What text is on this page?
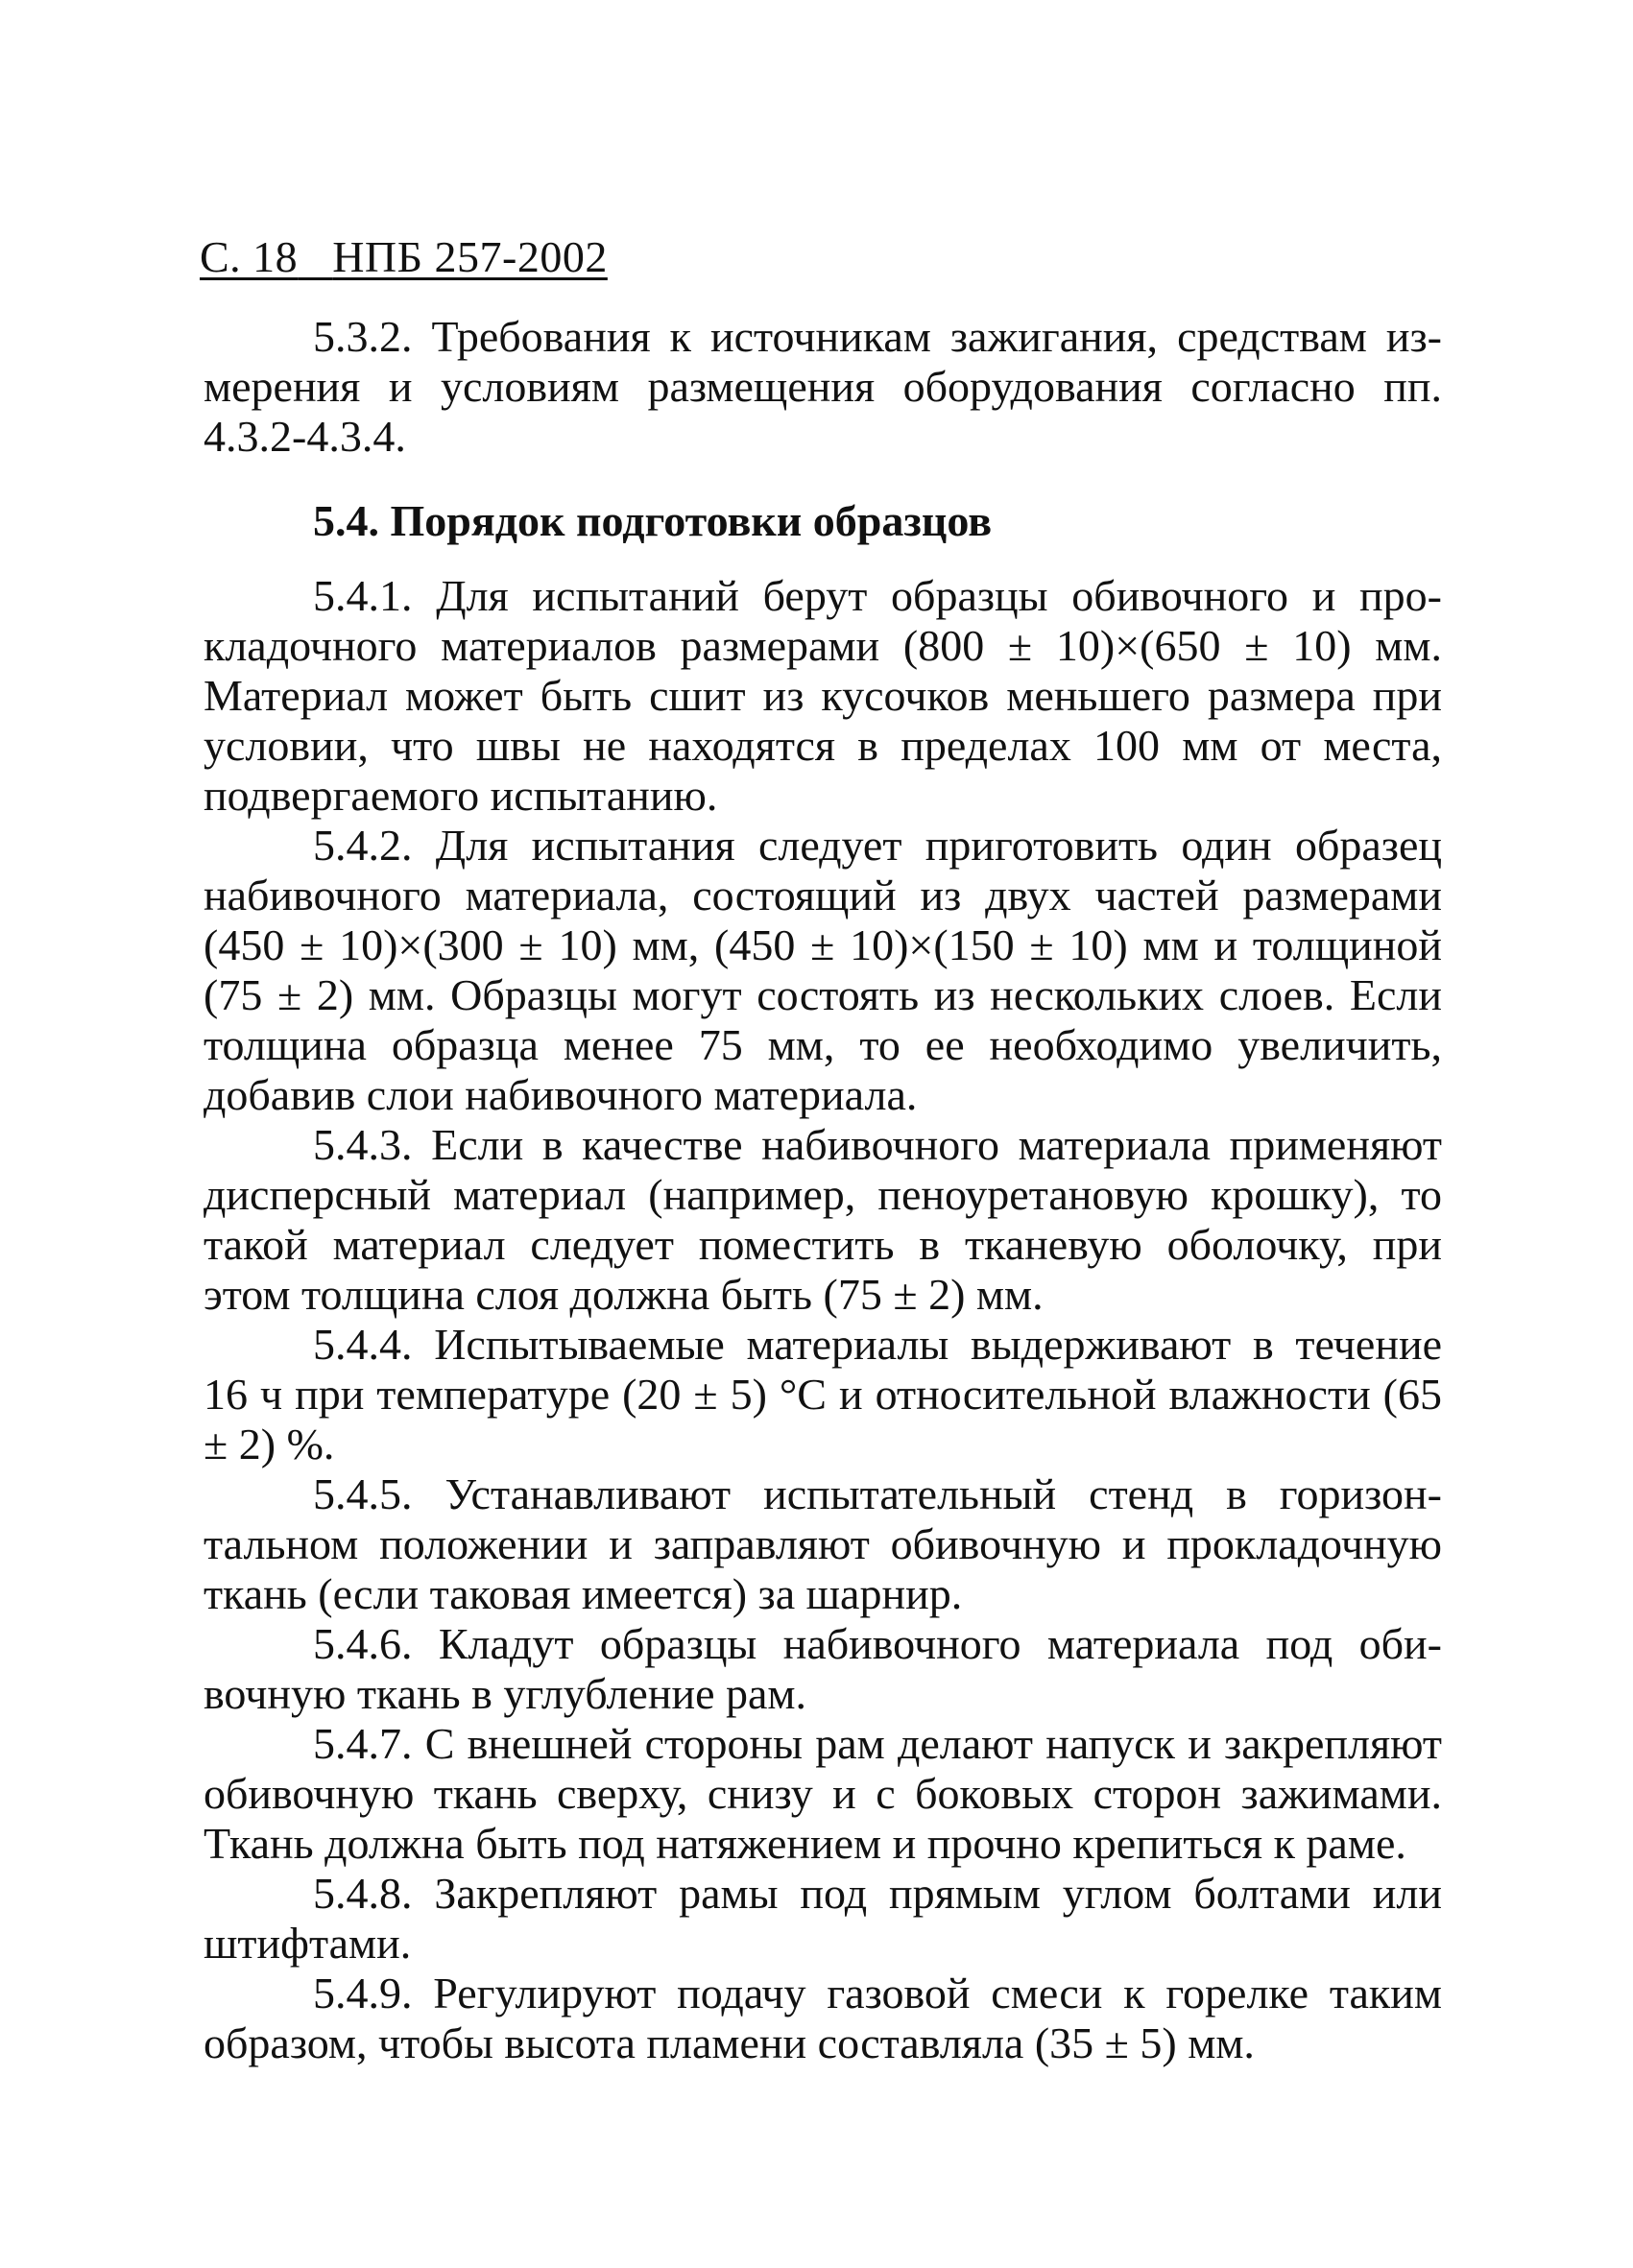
С. 18 НПБ 257-2002

5.3.2. Требования к источникам зажигания, средствам измерения и условиям размещения оборудования согласно пп. 4.3.2-4.3.4.

5.4. Порядок подготовки образцов

5.4.1. Для испытаний берут образцы обивочного и прокладочного материалов размерами (800 ± 10)×(650 ± 10) мм. Материал может быть сшит из кусочков меньшего размера при условии, что швы не находятся в пределах 100 мм от места, подвергаемого испытанию.

5.4.2. Для испытания следует приготовить один образец набивочного материала, состоящий из двух частей размерами (450 ± 10)×(300 ± 10) мм, (450 ± 10)×(150 ± 10) мм и толщиной (75 ± 2) мм. Образцы могут состоять из нескольких слоев. Если толщина образца менее 75 мм, то ее необходимо увеличить, добавив слои набивочного материала.

5.4.3. Если в качестве набивочного материала применяют дисперсный материал (например, пеноуретановую крошку), то такой материал следует поместить в тканевую оболочку, при этом толщина слоя должна быть (75 ± 2) мм.

5.4.4. Испытываемые материалы выдерживают в течение 16 ч при температуре (20 ± 5) °С и относительной влажности (65 ± 2) %.

5.4.5. Устанавливают испытательный стенд в горизонтальном положении и заправляют обивочную и прокладочную ткань (если таковая имеется) за шарнир.

5.4.6. Кладут образцы набивочного материала под обивочную ткань в углубление рам.

5.4.7. С внешней стороны рам делают напуск и закрепляют обивочную ткань сверху, снизу и с боковых сторон зажимами. Ткань должна быть под натяжением и прочно крепиться к раме.

5.4.8. Закрепляют рамы под прямым углом болтами или штифтами.

5.4.9. Регулируют подачу газовой смеси к горелке таким образом, чтобы высота пламени составляла (35 ± 5) мм.
